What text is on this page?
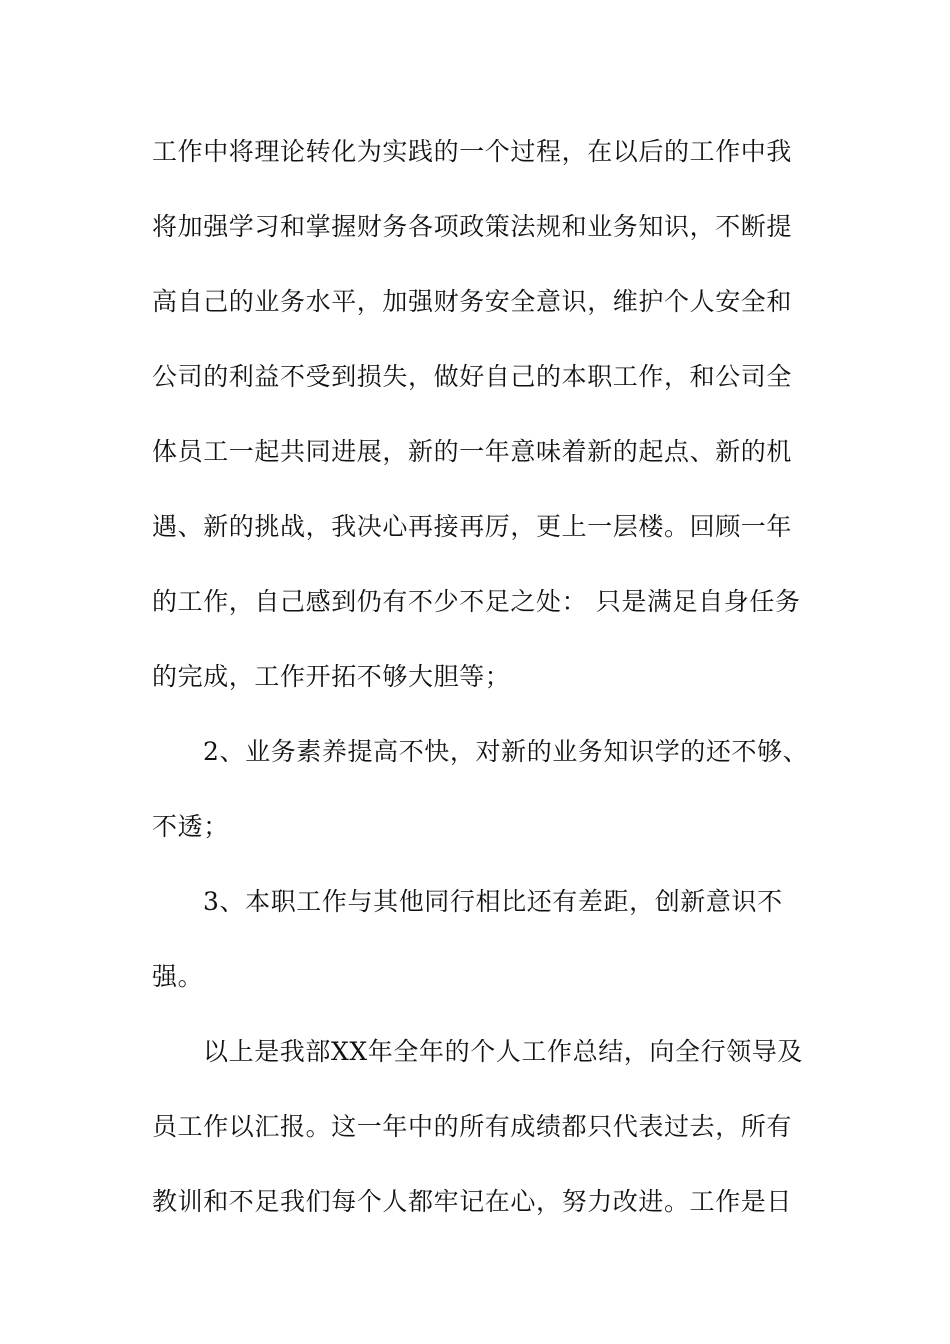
工作中将理论转化为实践的一个过程，在以后的工作中我
将加强学习和掌握财务各项政策法规和业务知识，不断提
高自己的业务水平，加强财务安全意识，维护个人安全和
公司的利益不受到损失，做好自己的本职工作，和公司全
体员工一起共同进展，新的一年意味着新的起点、新的机
遇、新的挑战，我决心再接再厉，更上一层楼。回顾一年
的工作，自己感到仍有不少不足之处： 只是满足自身任务
的完成，工作开拓不够大胆等；
2、业务素养提高不快，对新的业务知识学的还不够、
不透；
3、本职工作与其他同行相比还有差距，创新意识不
强。
以上是我部XX年全年的个人工作总结，向全行领导及
员工作以汇报。这一年中的所有成绩都只代表过去，所有
教训和不足我们每个人都牢记在心，努力改进。工作是日
